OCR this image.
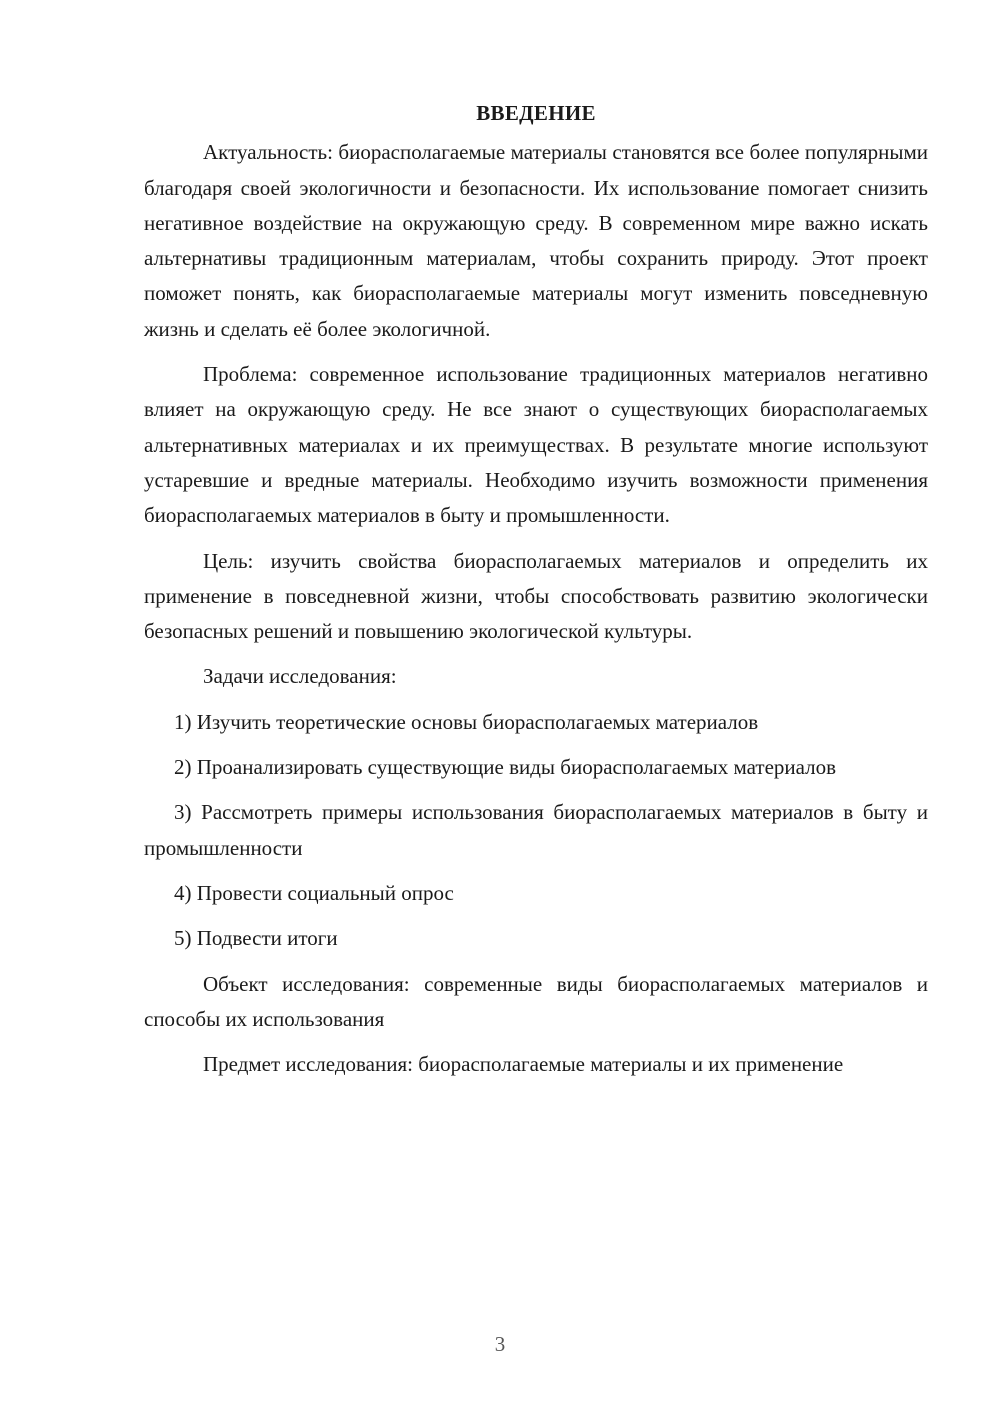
ВВЕДЕНИЕ

Актуальность: биорасполагаемые материалы становятся все более популярными благодаря своей экологичности и безопасности. Их использование помогает снизить негативное воздействие на окружающую среду. В современном мире важно искать альтернативы традиционным материалам, чтобы сохранить природу. Этот проект поможет понять, как биорасполагаемые материалы могут изменить повседневную жизнь и сделать её более экологичной.

Проблема: современное использование традиционных материалов негативно влияет на окружающую среду. Не все знают о существующих биорасполагаемых альтернативных материалах и их преимуществах. В результате многие используют устаревшие и вредные материалы. Необходимо изучить возможности применения биорасполагаемых материалов в быту и промышленности.

Цель: изучить свойства биорасполагаемых материалов и определить их применение в повседневной жизни, чтобы способствовать развитию экологически безопасных решений и повышению экологической культуры.

Задачи исследования:

1) Изучить теоретические основы биорасполагаемых материалов

2) Проанализировать существующие виды биорасполагаемых материалов

3) Рассмотреть примеры использования биорасполагаемых материалов в быту и промышленности

4) Провести социальный опрос

5) Подвести итоги

Объект исследования: современные виды биорасполагаемых материалов и способы их использования

Предмет исследования: биорасполагаемые материалы и их применение

3
